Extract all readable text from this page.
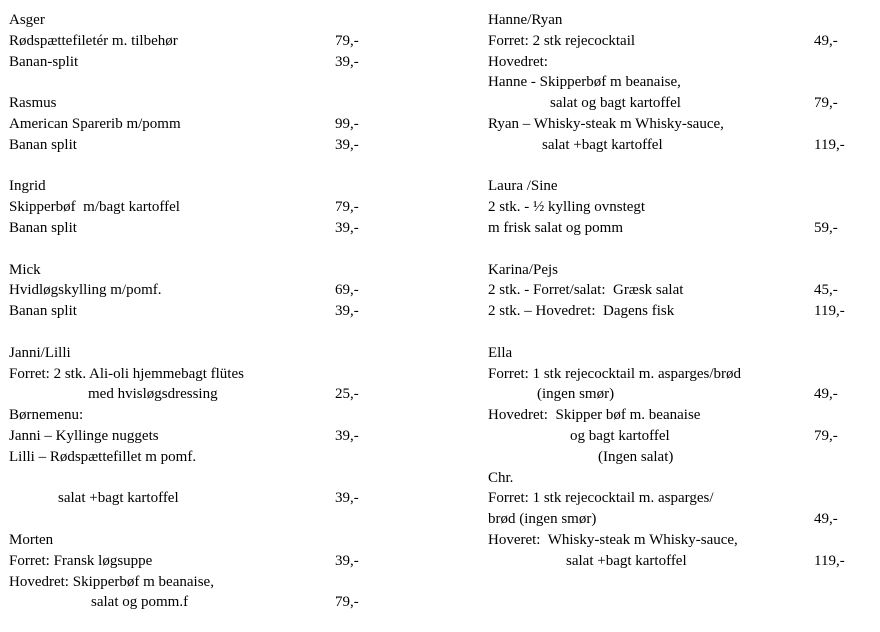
Asger
Rødspættefiletér m. tilbehør	79,-
Banan-split	39,-
Rasmus
American Sparerib m/pomm	99,-
Banan split	39,-
Ingrid
Skipperbøf  m/bagt kartoffel	79,-
Banan split	39,-
Mick
Hvidløgskylling m/pomf.	69,-
Banan split	39,-
Janni/Lilli
Forret: 2 stk. Ali-oli hjemmebagt flütes
med hvisløgsdressing	25,-
Børnemenu:
Janni – Kyllinge nuggets	39,-
Lilli – Rødspættefillet m pomf.
salat +bagt kartoffel	39,-
Morten
Forret: Fransk løgsuppe	39,-
Hovedret: Skipperbøf m beanaise,
salat og pomm.f	79,-
Hanne/Ryan
Forret: 2 stk rejecocktail	49,-
Hovedret:
Hanne - Skipperbøf m beanaise,
salat og bagt kartoffel	79,-
Ryan – Whisky-steak m Whisky-sauce,
salat +bagt kartoffel	119,-
Laura /Sine
2 stk. - ½ kylling ovnstegt
m frisk salat og pomm	59,-
Karina/Pejs
2 stk. - Forret/salat:  Græsk salat	45,-
2 stk. – Hovedret:  Dagens fisk	119,-
Ella
Forret: 1 stk rejecocktail m. asparges/brød
(ingen smør)	49,-
Hovedret:  Skipper bøf m. beanaise
og bagt kartoffel	79,-
(Ingen salat)
Chr.
Forret: 1 stk rejecocktail m. asparges/
brød (ingen smør)	49,-
Hoveret:  Whisky-steak m Whisky-sauce,
salat +bagt kartoffel	119,-
